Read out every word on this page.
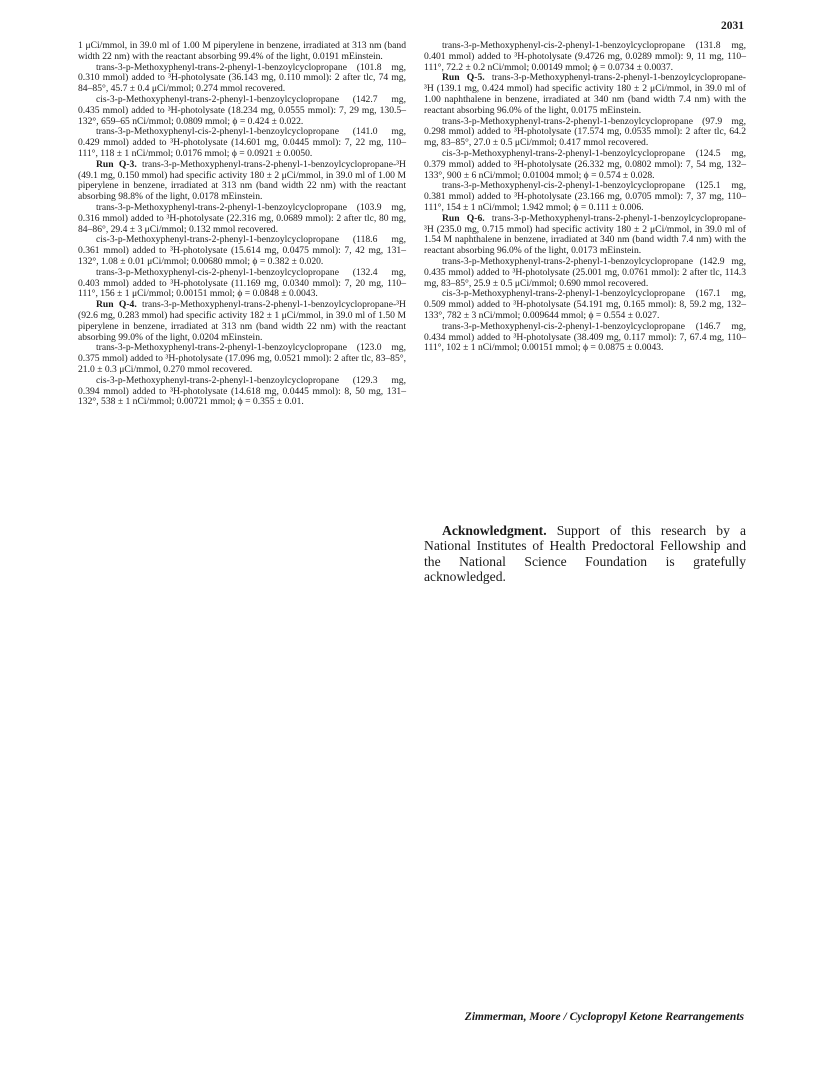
2031

1 μCi/mmol, in 39.0 ml of 1.00 M piperylene in benzene, irradiated at 313 nm (band width 22 nm) with the reactant absorbing 99.4% of the light, 0.0191 mEinstein.

trans-3-p-Methoxyphenyl-trans-2-phenyl-1-benzoylcyclopropane (101.8 mg, 0.310 mmol) added to ³H-photolysate (36.143 mg, 0.110 mmol): 2 after tlc, 74 mg, 84–85°, 45.7 ± 0.4 μCi/mmol; 0.274 mmol recovered.

cis-3-p-Methoxyphenyl-trans-2-phenyl-1-benzoylcyclopropane (142.7 mg, 0.435 mmol) added to ³H-photolysate (18.234 mg, 0.0555 mmol): 7, 29 mg, 130.5–132°, 659–65 nCi/mmol; 0.0809 mmol; ϕ = 0.424 ± 0.022.

trans-3-p-Methoxyphenyl-cis-2-phenyl-1-benzoylcyclopropane (141.0 mg, 0.429 mmol) added to ³H-photolysate (14.601 mg, 0.0445 mmol): 7, 22 mg, 110–111°, 118 ± 1 nCi/mmol; 0.0176 mmol; ϕ = 0.0921 ± 0.0050.

Run Q-3. trans-3-p-Methoxyphenyl-trans-2-phenyl-1-benzoylcyclopropane-³H (49.1 mg, 0.150 mmol) had specific activity 180 ± 2 μCi/mmol, in 39.0 ml of 1.00 M piperylene in benzene, irradiated at 313 nm (band width 22 nm) with the reactant absorbing 98.8% of the light, 0.0178 mEinstein.

trans-3-p-Methoxyphenyl-trans-2-phenyl-1-benzoylcyclopropane (103.9 mg, 0.316 mmol) added to ³H-photolysate (22.316 mg, 0.0689 mmol): 2 after tlc, 80 mg, 84–86°, 29.4 ± 3 μCi/mmol; 0.132 mmol recovered.

cis-3-p-Methoxyphenyl-trans-2-phenyl-1-benzoylcyclopropane (118.6 mg, 0.361 mmol) added to ³H-photolysate (15.614 mg, 0.0475 mmol): 7, 42 mg, 131–132°, 1.08 ± 0.01 μCi/mmol; 0.00680 mmol; ϕ = 0.382 ± 0.020.

trans-3-p-Methoxyphenyl-cis-2-phenyl-1-benzoylcyclopropane (132.4 mg, 0.403 mmol) added to ³H-photolysate (11.169 mg, 0.0340 mmol): 7, 20 mg, 110–111°, 156 ± 1 μCi/mmol; 0.00151 mmol; ϕ = 0.0848 ± 0.0043.

Run Q-4. trans-3-p-Methoxyphenyl-trans-2-phenyl-1-benzoylcyclopropane-³H (92.6 mg, 0.283 mmol) had specific activity 182 ± 1 μCi/mmol, in 39.0 ml of 1.50 M piperylene in benzene, irradiated at 313 nm (band width 22 nm) with the reactant absorbing 99.0% of the light, 0.0204 mEinstein.

trans-3-p-Methoxyphenyl-trans-2-phenyl-1-benzoylcyclopropane (123.0 mg, 0.375 mmol) added to ³H-photolysate (17.096 mg, 0.0521 mmol): 2 after tlc, 83–85°, 21.0 ± 0.3 μCi/mmol, 0.270 mmol recovered.

cis-3-p-Methoxyphenyl-trans-2-phenyl-1-benzoylcyclopropane (129.3 mg, 0.394 mmol) added to ³H-photolysate (14.618 mg, 0.0445 mmol): 8, 50 mg, 131–132°, 538 ± 1 nCi/mmol; 0.00721 mmol; ϕ = 0.355 ± 0.01.

trans-3-p-Methoxyphenyl-cis-2-phenyl-1-benzoylcyclopropane (131.8 mg, 0.401 mmol) added to ³H-photolysate (9.4726 mg, 0.0289 mmol): 9, 11 mg, 110–111°, 72.2 ± 0.2 nCi/mmol; 0.00149 mmol; ϕ = 0.0734 ± 0.0037.

Run Q-5. trans-3-p-Methoxyphenyl-trans-2-phenyl-1-benzoylcyclopropane-³H (139.1 mg, 0.424 mmol) had specific activity 180 ± 2 μCi/mmol, in 39.0 ml of 1.00 naphthalene in benzene, irradiated at 340 nm (band width 7.4 nm) with the reactant absorbing 96.0% of the light, 0.0175 mEinstein.

trans-3-p-Methoxyphenyl-trans-2-phenyl-1-benzoylcyclopropane (97.9 mg, 0.298 mmol) added to ³H-photolysate (17.574 mg, 0.0535 mmol): 2 after tlc, 64.2 mg, 83–85°, 27.0 ± 0.5 μCi/mmol; 0.417 mmol recovered.

cis-3-p-Methoxyphenyl-trans-2-phenyl-1-benzoylcyclopropane (124.5 mg, 0.379 mmol) added to ³H-photolysate (26.332 mg, 0.0802 mmol): 7, 54 mg, 132–133°, 900 ± 6 nCi/mmol; 0.01004 mmol; ϕ = 0.574 ± 0.028.

trans-3-p-Methoxyphenyl-cis-2-phenyl-1-benzoylcyclopropane (125.1 mg, 0.381 mmol) added to ³H-photolysate (23.166 mg, 0.0705 mmol): 7, 37 mg, 110–111°, 154 ± 1 nCi/mmol; 1.942 mmol; ϕ = 0.111 ± 0.006.

Run Q-6. trans-3-p-Methoxyphenyl-trans-2-phenyl-1-benzoylcyclopropane-³H (235.0 mg, 0.715 mmol) had specific activity 180 ± 2 μCi/mmol, in 39.0 ml of 1.54 M naphthalene in benzene, irradiated at 340 nm (band width 7.4 nm) with the reactant absorbing 96.0% of the light, 0.0173 mEinstein.

trans-3-p-Methoxyphenyl-trans-2-phenyl-1-benzoylcyclopropane (142.9 mg, 0.435 mmol) added to ³H-photolysate (25.001 mg, 0.0761 mmol): 2 after tlc, 114.3 mg, 83–85°, 25.9 ± 0.5 μCi/mmol; 0.690 mmol recovered.

cis-3-p-Methoxyphenyl-trans-2-phenyl-1-benzoylcyclopropane (167.1 mg, 0.509 mmol) added to ³H-photolysate (54.191 mg, 0.165 mmol): 8, 59.2 mg, 132–133°, 782 ± 3 nCi/mmol; 0.009644 mmol; ϕ = 0.554 ± 0.027.

trans-3-p-Methoxyphenyl-cis-2-phenyl-1-benzoylcyclopropane (146.7 mg, 0.434 mmol) added to ³H-photolysate (38.409 mg, 0.117 mmol): 7, 67.4 mg, 110–111°, 102 ± 1 nCi/mmol; 0.00151 mmol; ϕ = 0.0875 ± 0.0043.

Acknowledgment. Support of this research by a National Institutes of Health Predoctoral Fellowship and the National Science Foundation is gratefully acknowledged.

Zimmerman, Moore / Cyclopropyl Ketone Rearrangements
